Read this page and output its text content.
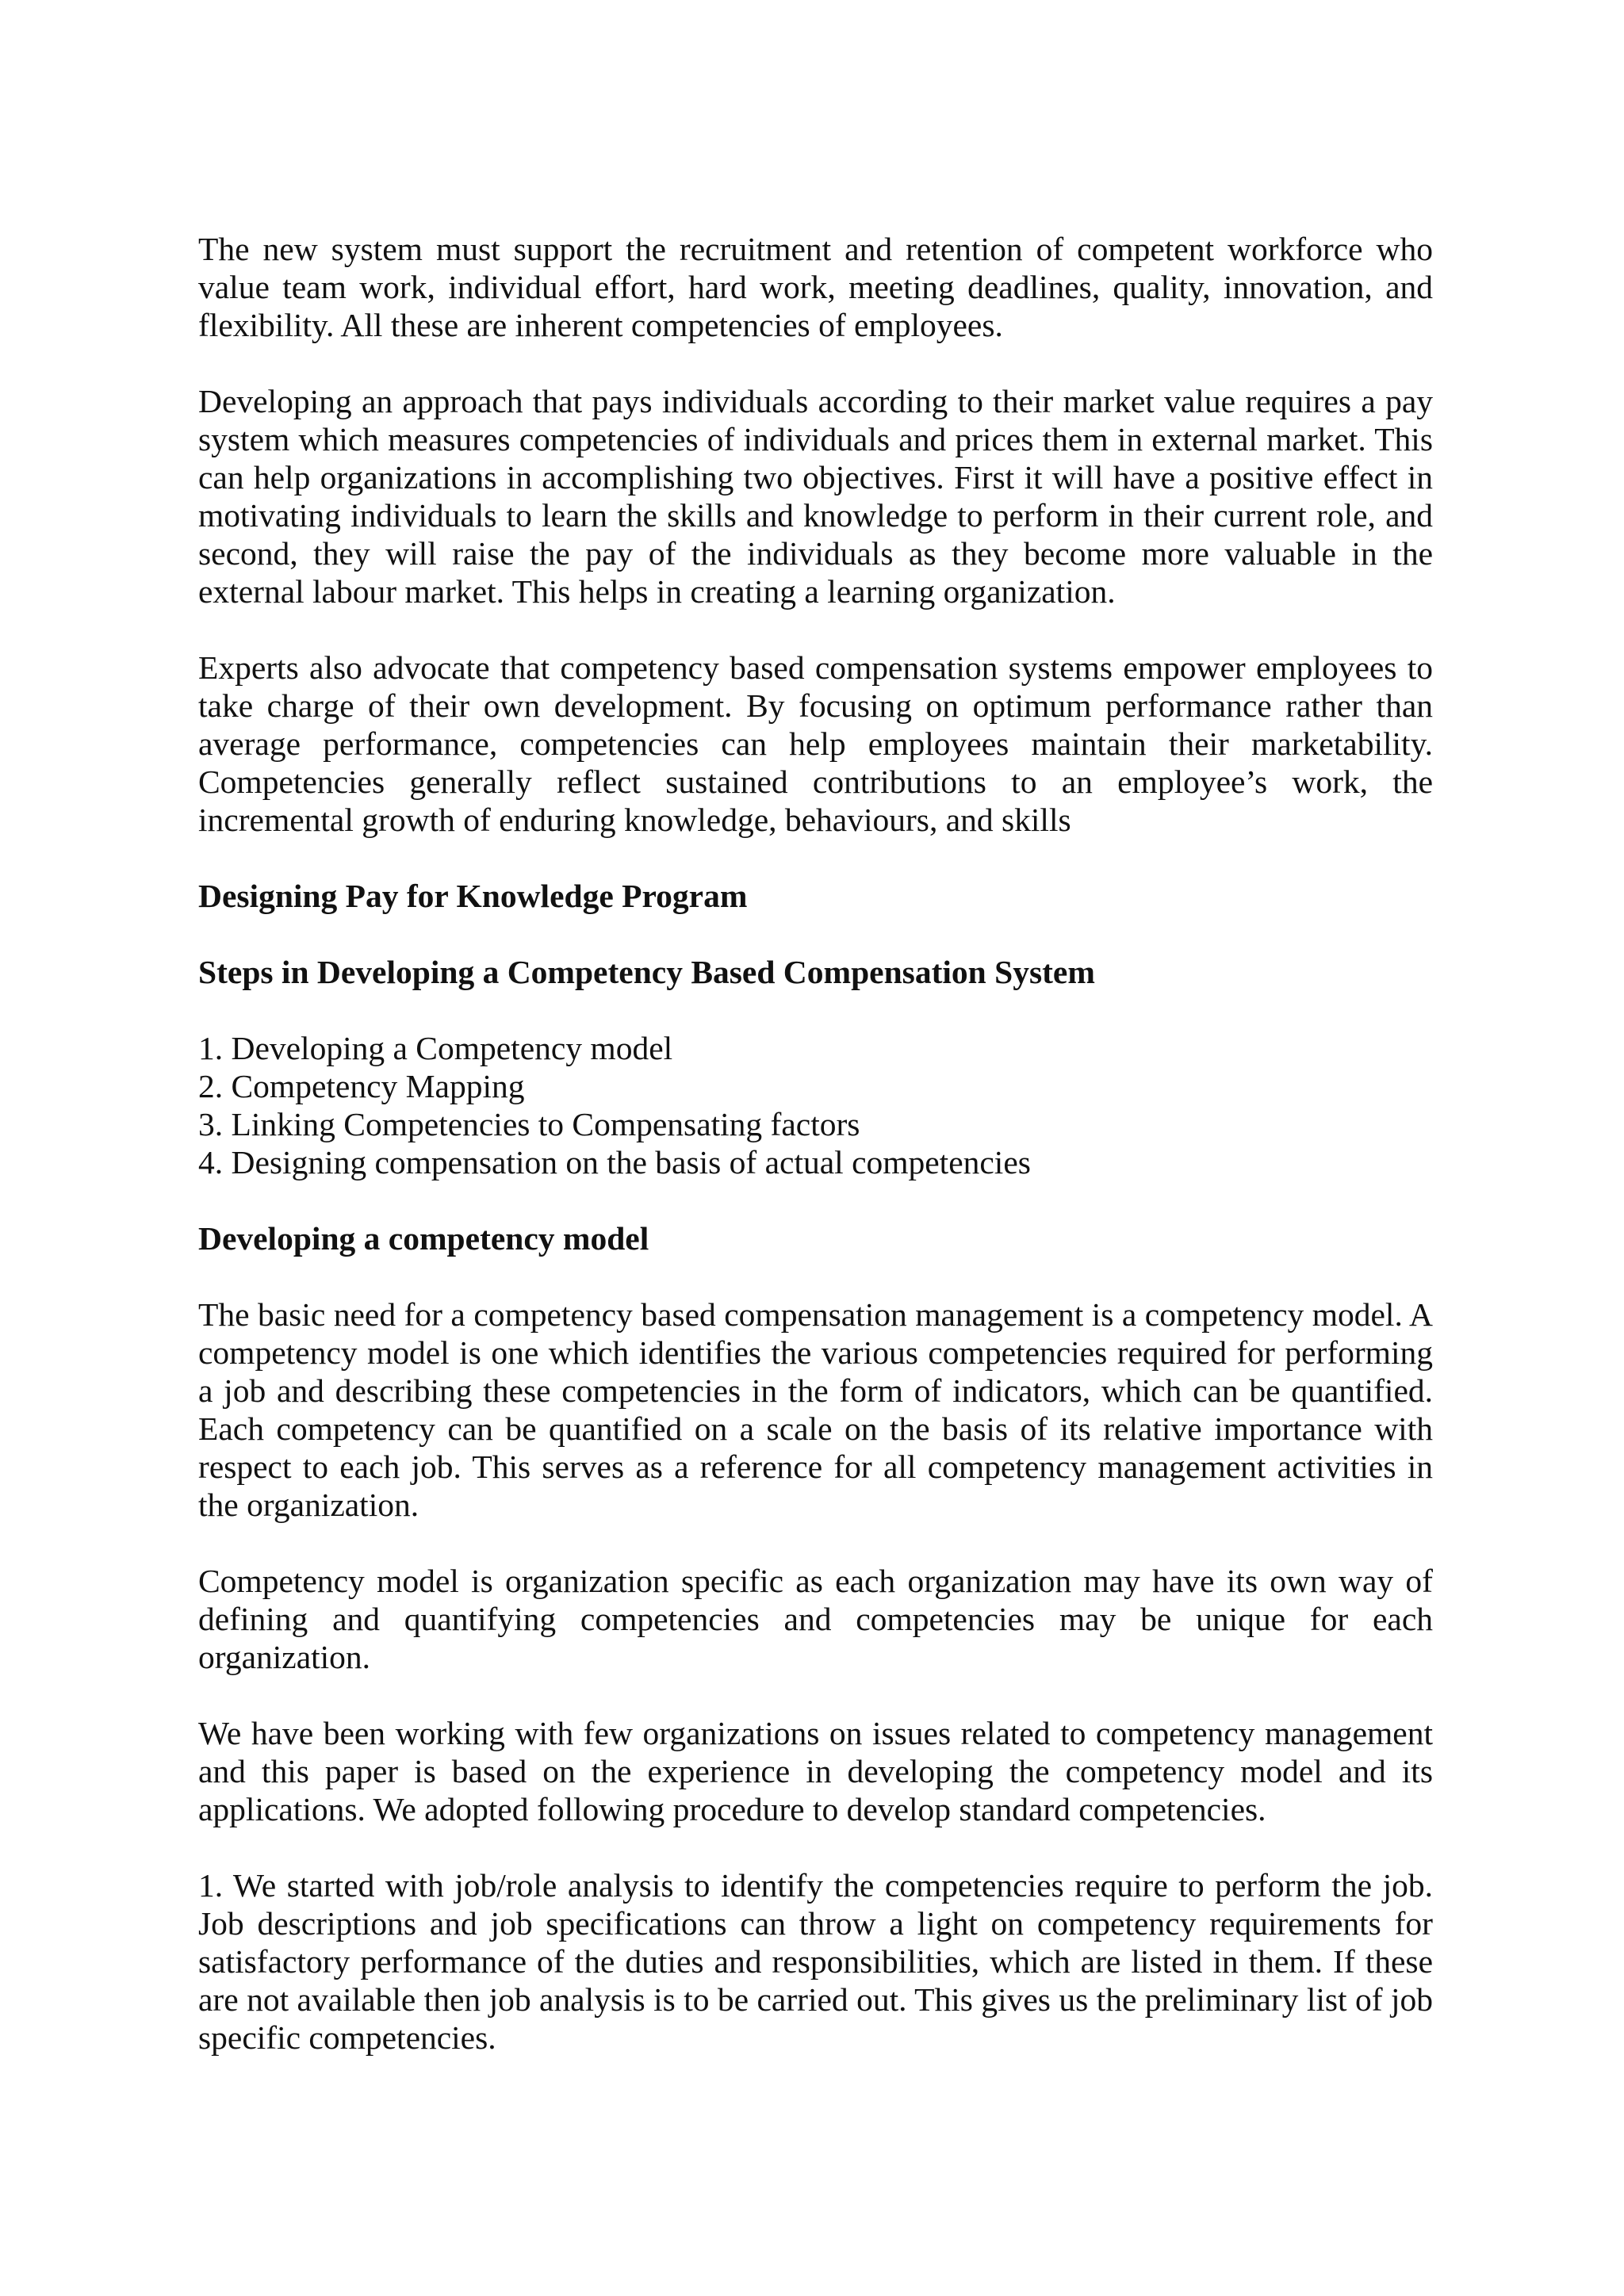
The new system must support the recruitment and retention of competent workforce who value team work, individual effort, hard work, meeting deadlines, quality, innovation, and flexibility. All these are inherent competencies of employees.

Developing an approach that pays individuals according to their market value requires a pay system which measures competencies of individuals and prices them in external market. This can help organizations in accomplishing two objectives. First it will have a positive effect in motivating individuals to learn the skills and knowledge to perform in their current role, and second, they will raise the pay of the individuals as they become more valuable in the external labour market. This helps in creating a learning organization.

Experts also advocate that competency based compensation systems empower employees to take charge of their own development. By focusing on optimum performance rather than average performance, competencies can help employees maintain their marketability. Competencies generally reflect sustained contributions to an employee’s work, the incremental growth of enduring knowledge, behaviours, and skills

Designing Pay for Knowledge Program

Steps in Developing a Competency Based Compensation System

1. Developing a Competency model
2. Competency Mapping
3. Linking Competencies to Compensating factors
4. Designing compensation on the basis of actual competencies

Developing a competency model

The basic need for a competency based compensation management is a competency model. A competency model is one which identifies the various competencies required for performing a job and describing these competencies in the form of indicators, which can be quantified. Each competency can be quantified on a scale on the basis of its relative importance with respect to each job. This serves as a reference for all competency management activities in the organization.

Competency model is organization specific as each organization may have its own way of defining and quantifying competencies and competencies may be unique for each organization.

We have been working with few organizations on issues related to competency management and this paper is based on the experience in developing the competency model and its applications. We adopted following procedure to develop standard competencies.

1. We started with job/role analysis to identify the competencies require to perform the job. Job descriptions and job specifications can throw a light on competency requirements for satisfactory performance of the duties and responsibilities, which are listed in them. If these are not available then job analysis is to be carried out. This gives us the preliminary list of job specific competencies.
